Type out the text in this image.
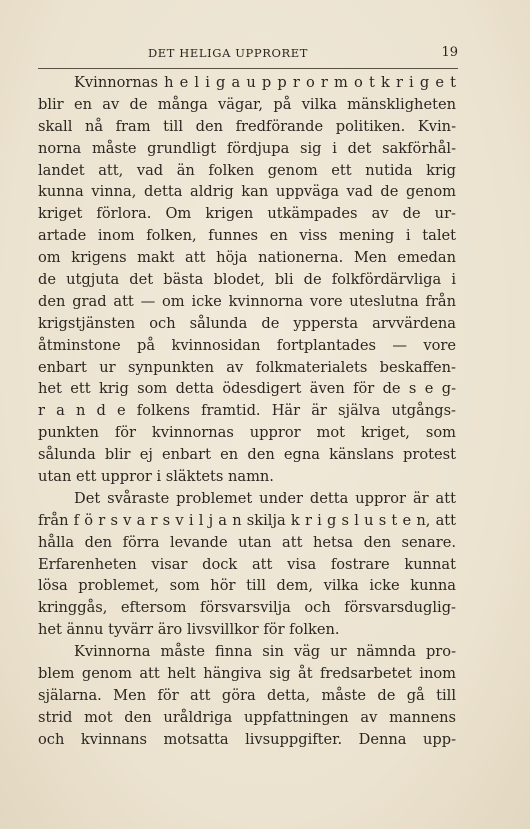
DET HELIGA UPPRORET	19
Kvinnornas h e l i g a u p p r o r m o t k r i g e t
blir en av de många vägar, på vilka mänskligheten
skall nå fram till den fredförande politiken. Kvin-
norna måste grundligt fördjupa sig i det sakförhål-
landet att, vad än folken genom ett nutida krig
kunna vinna, detta aldrig kan uppväga vad de genom
kriget förlora. Om krigen utkämpades av de ur-
artade inom folken, funnes en viss mening i talet
om krigens makt att höja nationerna. Men emedan
de utgjuta det bästa blodet, bli de folkfördärvliga i
den grad att — om icke kvinnorna vore uteslutna från
krigstjänsten och sålunda de yppersta arvvärdena
åtminstone på kvinnosidan fortplantades — vore
enbart ur synpunkten av folkmaterialets beskaffen-
het ett krig som detta ödesdigert även för de s e g-
r a n d e folkens framtid. Här är själva utgångs-
punkten för kvinnornas uppror mot kriget, som
sålunda blir ej enbart en den egna känslans protest
utan ett uppror i släktets namn.
Det svåraste problemet under detta uppror är att
från f ö r s v a r s v i l j a n skilja k r i g s l u s t e n, att
hålla den förra levande utan att hetsa den senare.
Erfarenheten visar dock att visa fostrare kunnat
lösa problemet, som hör till dem, vilka icke kunna
kringgås, eftersom försvarsvilja och försvarsduglig-
het ännu tyvärr äro livsvillkor för folken.
Kvinnorna måste finna sin väg ur nämnda pro-
blem genom att helt hängiva sig åt fredsarbetet inom
själarna. Men för att göra detta, måste de gå till
strid mot den uråldriga uppfattningen av mannens
och kvinnans motsatta livsuppgifter. Denna upp-
